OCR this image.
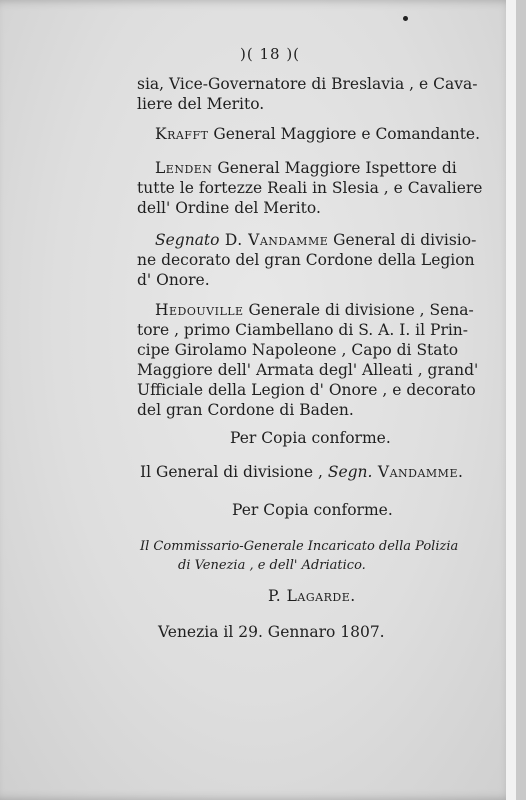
)( 18 )(
sia, Vice-Governatore di Breslavia , e Cava-
liere del Merito.
Krafft General Maggiore e Comandante.
Lenden General Maggiore Ispettore di
tutte le fortezze Reali in Slesia , e Cavaliere
dell' Ordine del Merito.
Segnato D. Vandamme General di divisio-
ne decorato del gran Cordone della Legion
d' Onore.
Hedouville Generale di divisione , Sena-
tore , primo Ciambellano di S. A. I. il Prin-
cipe Girolamo Napoleone , Capo di Stato
Maggiore dell' Armata degl' Alleati , grand'
Ufficiale della Legion d' Onore , e decorato
del gran Cordone di Baden.
Per Copia conforme.
Il General di divisione , Segn. Vandamme.
Per Copia conforme.
Il Commissario-Generale Incaricato della Polizia
di Venezia , e dell' Adriatico.
P. Lagarde.
Venezia il 29. Gennaro 1807.
